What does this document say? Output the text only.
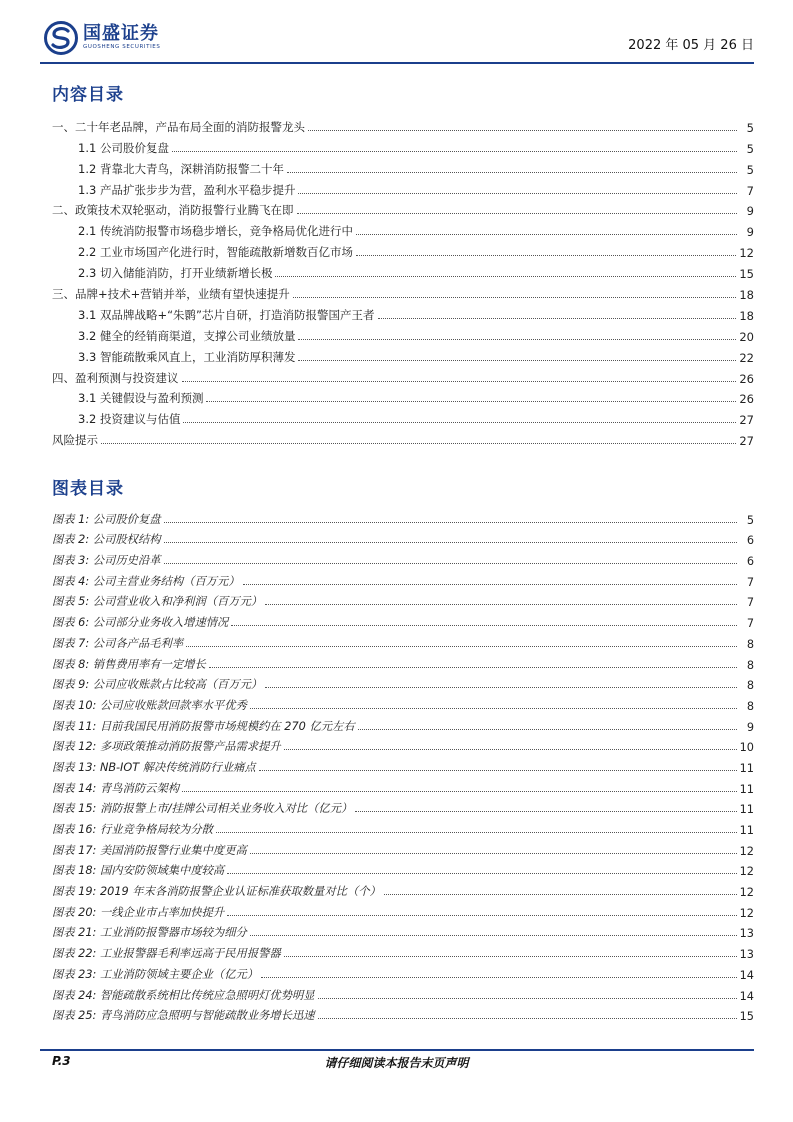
国盛证券
GUOSHENG SECURITIES	2022 年 05 月 26 日
内容目录
一、二十年老品牌，产品布局全面的消防报警龙头	5
1.1 公司股价复盘	5
1.2 背靠北大青鸟，深耕消防报警二十年	5
1.3 产品扩张步步为营，盈利水平稳步提升	7
二、政策技术双轮驱动，消防报警行业腾飞在即	9
2.1 传统消防报警市场稳步增长，竞争格局优化进行中	9
2.2 工业市场国产化进行时，智能疏散新增数百亿市场	12
2.3 切入储能消防，打开业绩新增长极	15
三、品牌+技术+营销并举，业绩有望快速提升	18
3.1 双品牌战略+“朱鹮”芯片自研，打造消防报警国产王者	18
3.2 健全的经销商渠道，支撑公司业绩放量	20
3.3 智能疏散乘风直上，工业消防厚积薄发	22
四、盈利预测与投资建议	26
3.1 关键假设与盈利预测	26
3.2 投资建议与估值	27
风险提示	27
图表目录
图表 1: 公司股价复盘	5
图表 2: 公司股权结构	6
图表 3: 公司历史沿革	6
图表 4: 公司主营业务结构（百万元）	7
图表 5: 公司营业收入和净利润（百万元）	7
图表 6: 公司部分业务收入增速情况	7
图表 7: 公司各产品毛利率	8
图表 8: 销售费用率有一定增长	8
图表 9: 公司应收账款占比较高（百万元）	8
图表 10: 公司应收账款回款率水平优秀	8
图表 11: 目前我国民用消防报警市场规模约在 270 亿元左右	9
图表 12: 多项政策推动消防报警产品需求提升	10
图表 13: NB-IOT 解决传统消防行业痛点	11
图表 14: 青鸟消防云架构	11
图表 15: 消防报警上市/挂牌公司相关业务收入对比（亿元）	11
图表 16: 行业竞争格局较为分散	11
图表 17: 美国消防报警行业集中度更高	12
图表 18: 国内安防领域集中度较高	12
图表 19: 2019 年末各消防报警企业认证标准获取数量对比（个）	12
图表 20: 一线企业市占率加快提升	12
图表 21: 工业消防报警器市场较为细分	13
图表 22: 工业报警器毛利率远高于民用报警器	13
图表 23: 工业消防领域主要企业（亿元）	14
图表 24: 智能疏散系统相比传统应急照明灯优势明显	14
图表 25: 青鸟消防应急照明与智能疏散业务增长迅速	15
P.3	请仔细阅读本报告末页声明
